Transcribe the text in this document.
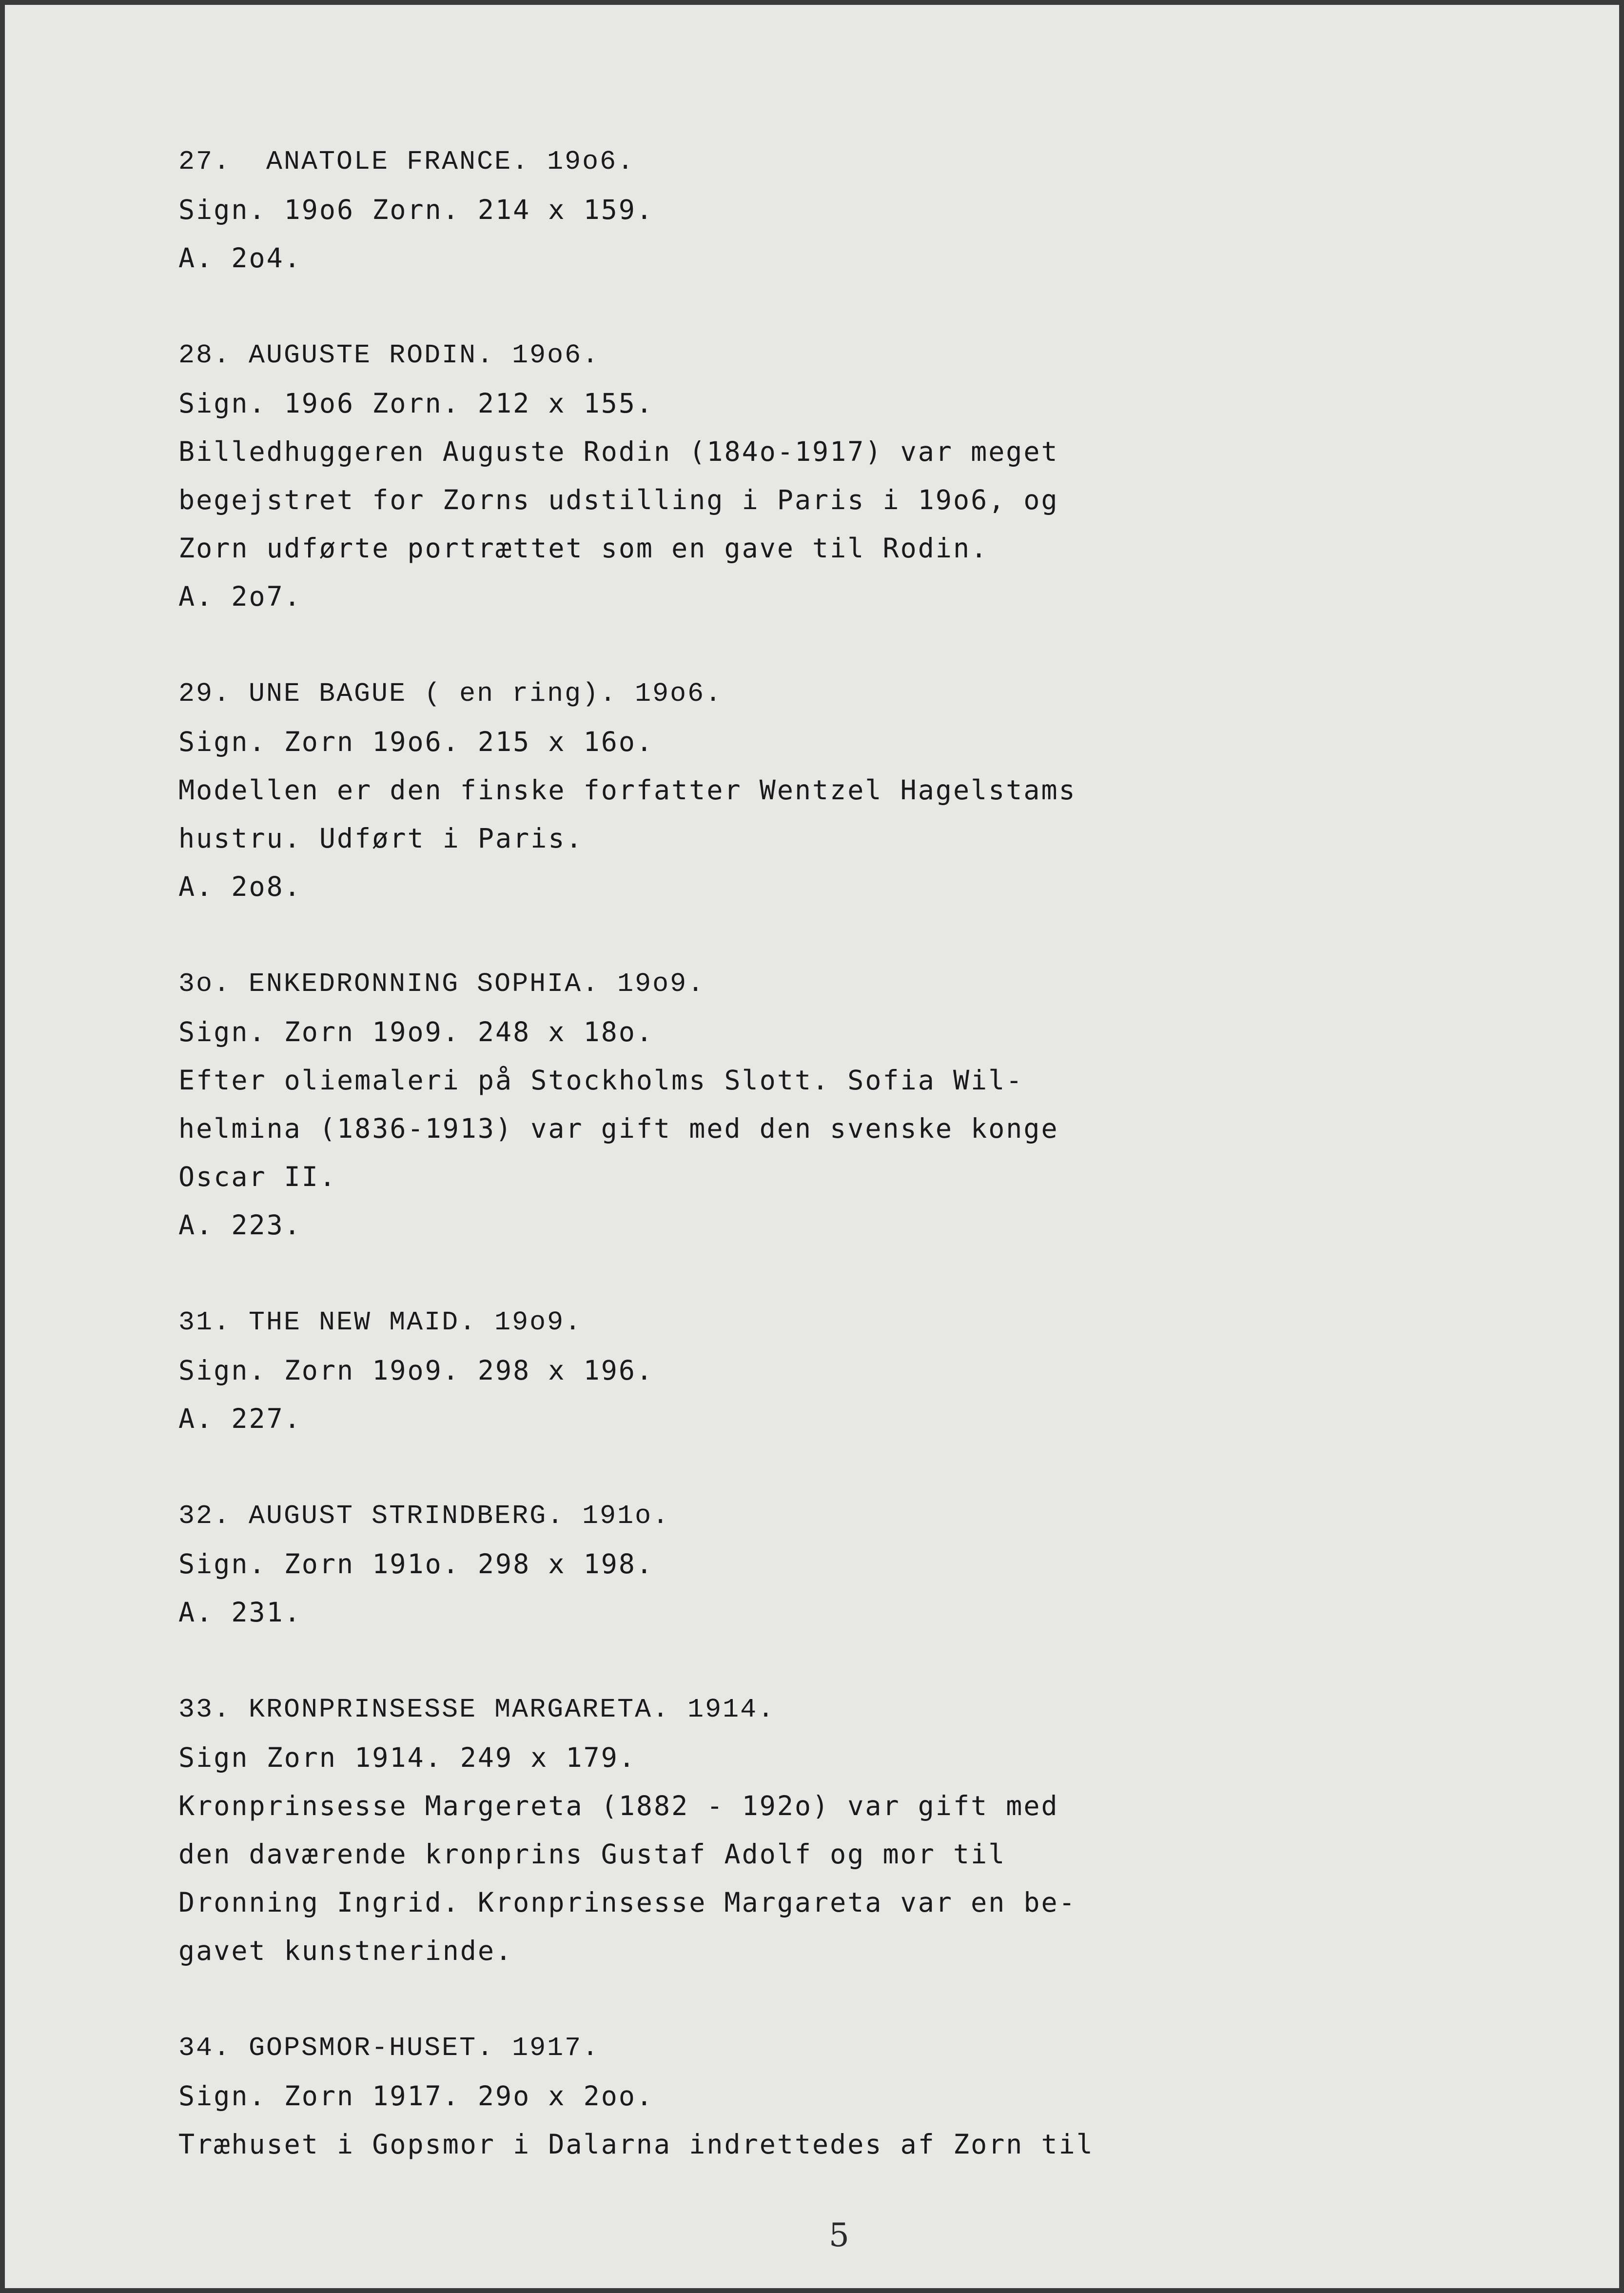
27.  ANATOLE FRANCE. 19o6.
Sign. 19o6 Zorn. 214 x 159.
A. 2o4.
28. AUGUSTE RODIN. 19o6.
Sign. 19o6 Zorn. 212 x 155.
Billedhuggeren Auguste Rodin (184o-1917) var meget
begejstret for Zorns udstilling i Paris i 19o6, og
Zorn udførte portrættet som en gave til Rodin.
A. 2o7.
29. UNE BAGUE ( en ring). 19o6.
Sign. Zorn 19o6. 215 x 16o.
Modellen er den finske forfatter Wentzel Hagelstams
hustru. Udført i Paris.
A. 2o8.
3o. ENKEDRONNING SOPHIA. 19o9.
Sign. Zorn 19o9. 248 x 18o.
Efter oliemaleri på Stockholms Slott. Sofia Wil-
helmina (1836-1913) var gift med den svenske konge
Oscar II.
A. 223.
31. THE NEW MAID. 19o9.
Sign. Zorn 19o9. 298 x 196.
A. 227.
32. AUGUST STRINDBERG. 191o.
Sign. Zorn 191o. 298 x 198.
A. 231.
33. KRONPRINSESSE MARGARETA. 1914.
Sign Zorn 1914. 249 x 179.
Kronprinsesse Margereta (1882 - 192o) var gift med
den daværende kronprins Gustaf Adolf og mor til
Dronning Ingrid. Kronprinsesse Margareta var en be-
gavet kunstnerinde.
34. GOPSMOR-HUSET. 1917.
Sign. Zorn 1917. 29o x 2oo.
Træhuset i Gopsmor i Dalarna indrettedes af Zorn til
5
